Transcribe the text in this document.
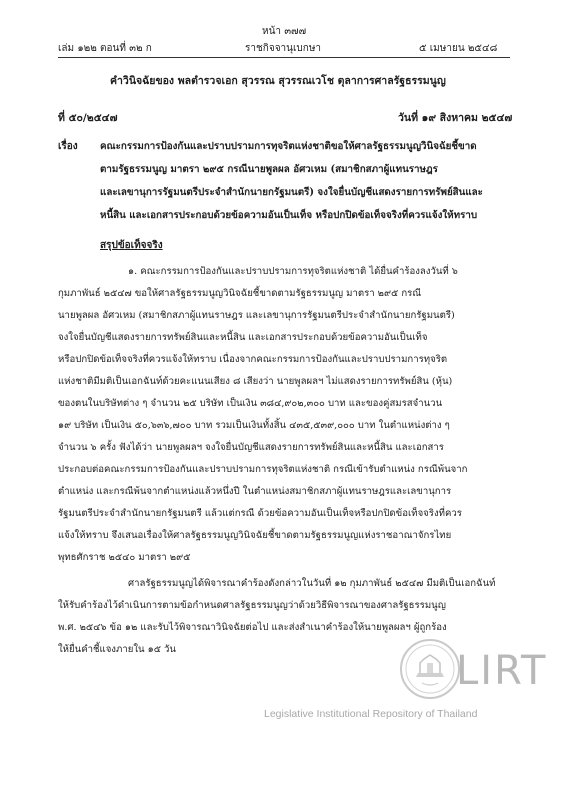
หน้า ๓๗๗
เล่ม ๑๒๒ ตอนที่ ๓๒ ก	ราชกิจจานุเบกษา	๕ เมษายน ๒๕๔๘
คำวินิจฉัยของ พลตำรวจเอก สุวรรณ สุวรรณเวโช ตุลาการศาลรัฐธรรมนูญ
ที่ ๕๐/๒๕๔๗	วันที่ ๑๙ สิงหาคม ๒๕๔๗
เรื่อง คณะกรรมการป้องกันและปราบปรามการทุจริตแห่งชาติขอให้ศาลรัฐธรรมนูญวินิจฉัยชี้ขาด
ตามรัฐธรรมนูญ มาตรา ๒๙๕ กรณีนายพูลผล อัศวเหม (สมาชิกสภาผู้แทนราษฎร
และเลขานุการรัฐมนตรีประจำสำนักนายกรัฐมนตรี) จงใจยื่นบัญชีแสดงรายการทรัพย์สินและ
หนี้สิน และเอกสารประกอบด้วยข้อความอันเป็นเท็จ หรือปกปิดข้อเท็จจริงที่ควรแจ้งให้ทราบ
สรุปข้อเท็จจริง
๑. คณะกรรมการป้องกันและปราบปรามการทุจริตแห่งชาติ ได้ยื่นคำร้องลงวันที่ ๖
กุมภาพันธ์ ๒๕๔๗ ขอให้ศาลรัฐธรรมนูญวินิจฉัยชี้ขาดตามรัฐธรรมนูญ มาตรา ๒๙๕ กรณี
นายพูลผล อัศวเหม (สมาชิกสภาผู้แทนราษฎร และเลขานุการรัฐมนตรีประจำสำนักนายกรัฐมนตรี)
จงใจยื่นบัญชีแสดงรายการทรัพย์สินและหนี้สิน และเอกสารประกอบด้วยข้อความอันเป็นเท็จ
หรือปกปิดข้อเท็จจริงที่ควรแจ้งให้ทราบ เนื่องจากคณะกรรมการป้องกันและปราบปรามการทุจริต
แห่งชาติมีมติเป็นเอกฉันท์ด้วยคะแนนเสียง ๘ เสียงว่า นายพูลผลฯ ไม่แสดงรายการทรัพย์สิน (หุ้น)
ของตนในบริษัทต่าง ๆ จำนวน ๒๕ บริษัท เป็นเงิน ๓๘๔,๙๐๒,๓๐๐ บาท และของคู่สมรสจำนวน
๑๙ บริษัท เป็นเงิน ๕๐,๖๓๖,๗๐๐ บาท รวมเป็นเงินทั้งสิ้น ๔๓๕,๕๓๙,๐๐๐ บาท ในตำแหน่งต่าง ๆ
จำนวน ๖ ครั้ง ฟังได้ว่า นายพูลผลฯ จงใจยื่นบัญชีแสดงรายการทรัพย์สินและหนี้สิน และเอกสาร
ประกอบต่อคณะกรรมการป้องกันและปราบปรามการทุจริตแห่งชาติ กรณีเข้ารับตำแหน่ง กรณีพ้นจาก
ตำแหน่ง และกรณีพ้นจากตำแหน่งแล้วหนึ่งปี ในตำแหน่งสมาชิกสภาผู้แทนราษฎรและเลขานุการ
รัฐมนตรีประจำสำนักนายกรัฐมนตรี แล้วแต่กรณี ด้วยข้อความอันเป็นเท็จหรือปกปิดข้อเท็จจริงที่ควร
แจ้งให้ทราบ จึงเสนอเรื่องให้ศาลรัฐธรรมนูญวินิจฉัยชี้ขาดตามรัฐธรรมนูญแห่งราชอาณาจักรไทย
พุทธศักราช ๒๕๔๐ มาตรา ๒๙๕
ศาลรัฐธรรมนูญได้พิจารณาคำร้องดังกล่าวในวันที่ ๑๒ กุมภาพันธ์ ๒๕๔๗ มีมติเป็นเอกฉันท์
ให้รับคำร้องไว้ดำเนินการตามข้อกำหนดศาลรัฐธรรมนูญว่าด้วยวิธีพิจารณาของศาลรัฐธรรมนูญ
พ.ศ. ๒๕๔๖ ข้อ ๑๒ และรับไว้พิจารณาวินิจฉัยต่อไป และส่งสำเนาคำร้องให้นายพูลผลฯ ผู้ถูกร้อง
ให้ยื่นคำชี้แจงภายใน ๑๕ วัน	LIRT
Legislative Institutional Repository of Thailand
